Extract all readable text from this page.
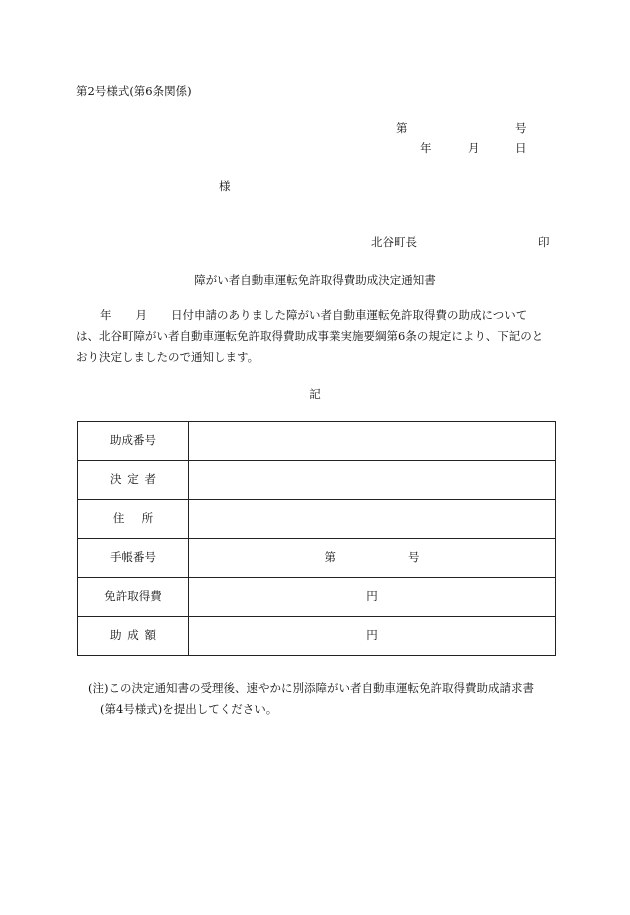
第2号様式(第6条関係)
第	号
年	月	日
様
北谷町長	印
障がい者自動車運転免許取得費助成決定通知書
年 月 日付申請のありました障がい者自動車運転免許取得費の助成について
は、北谷町障がい者自動車運転免許取得費助成事業実施要綱第6条の規定により、下記のと
おり決定しましたので通知します。
記
助成番号	
決定者	
住所	
手帳番号	第 号
免許取得費	円
助成額	円
(注)この決定通知書の受理後、速やかに別添障がい者自動車運転免許取得費助成請求書
(第4号様式)を提出してください。
